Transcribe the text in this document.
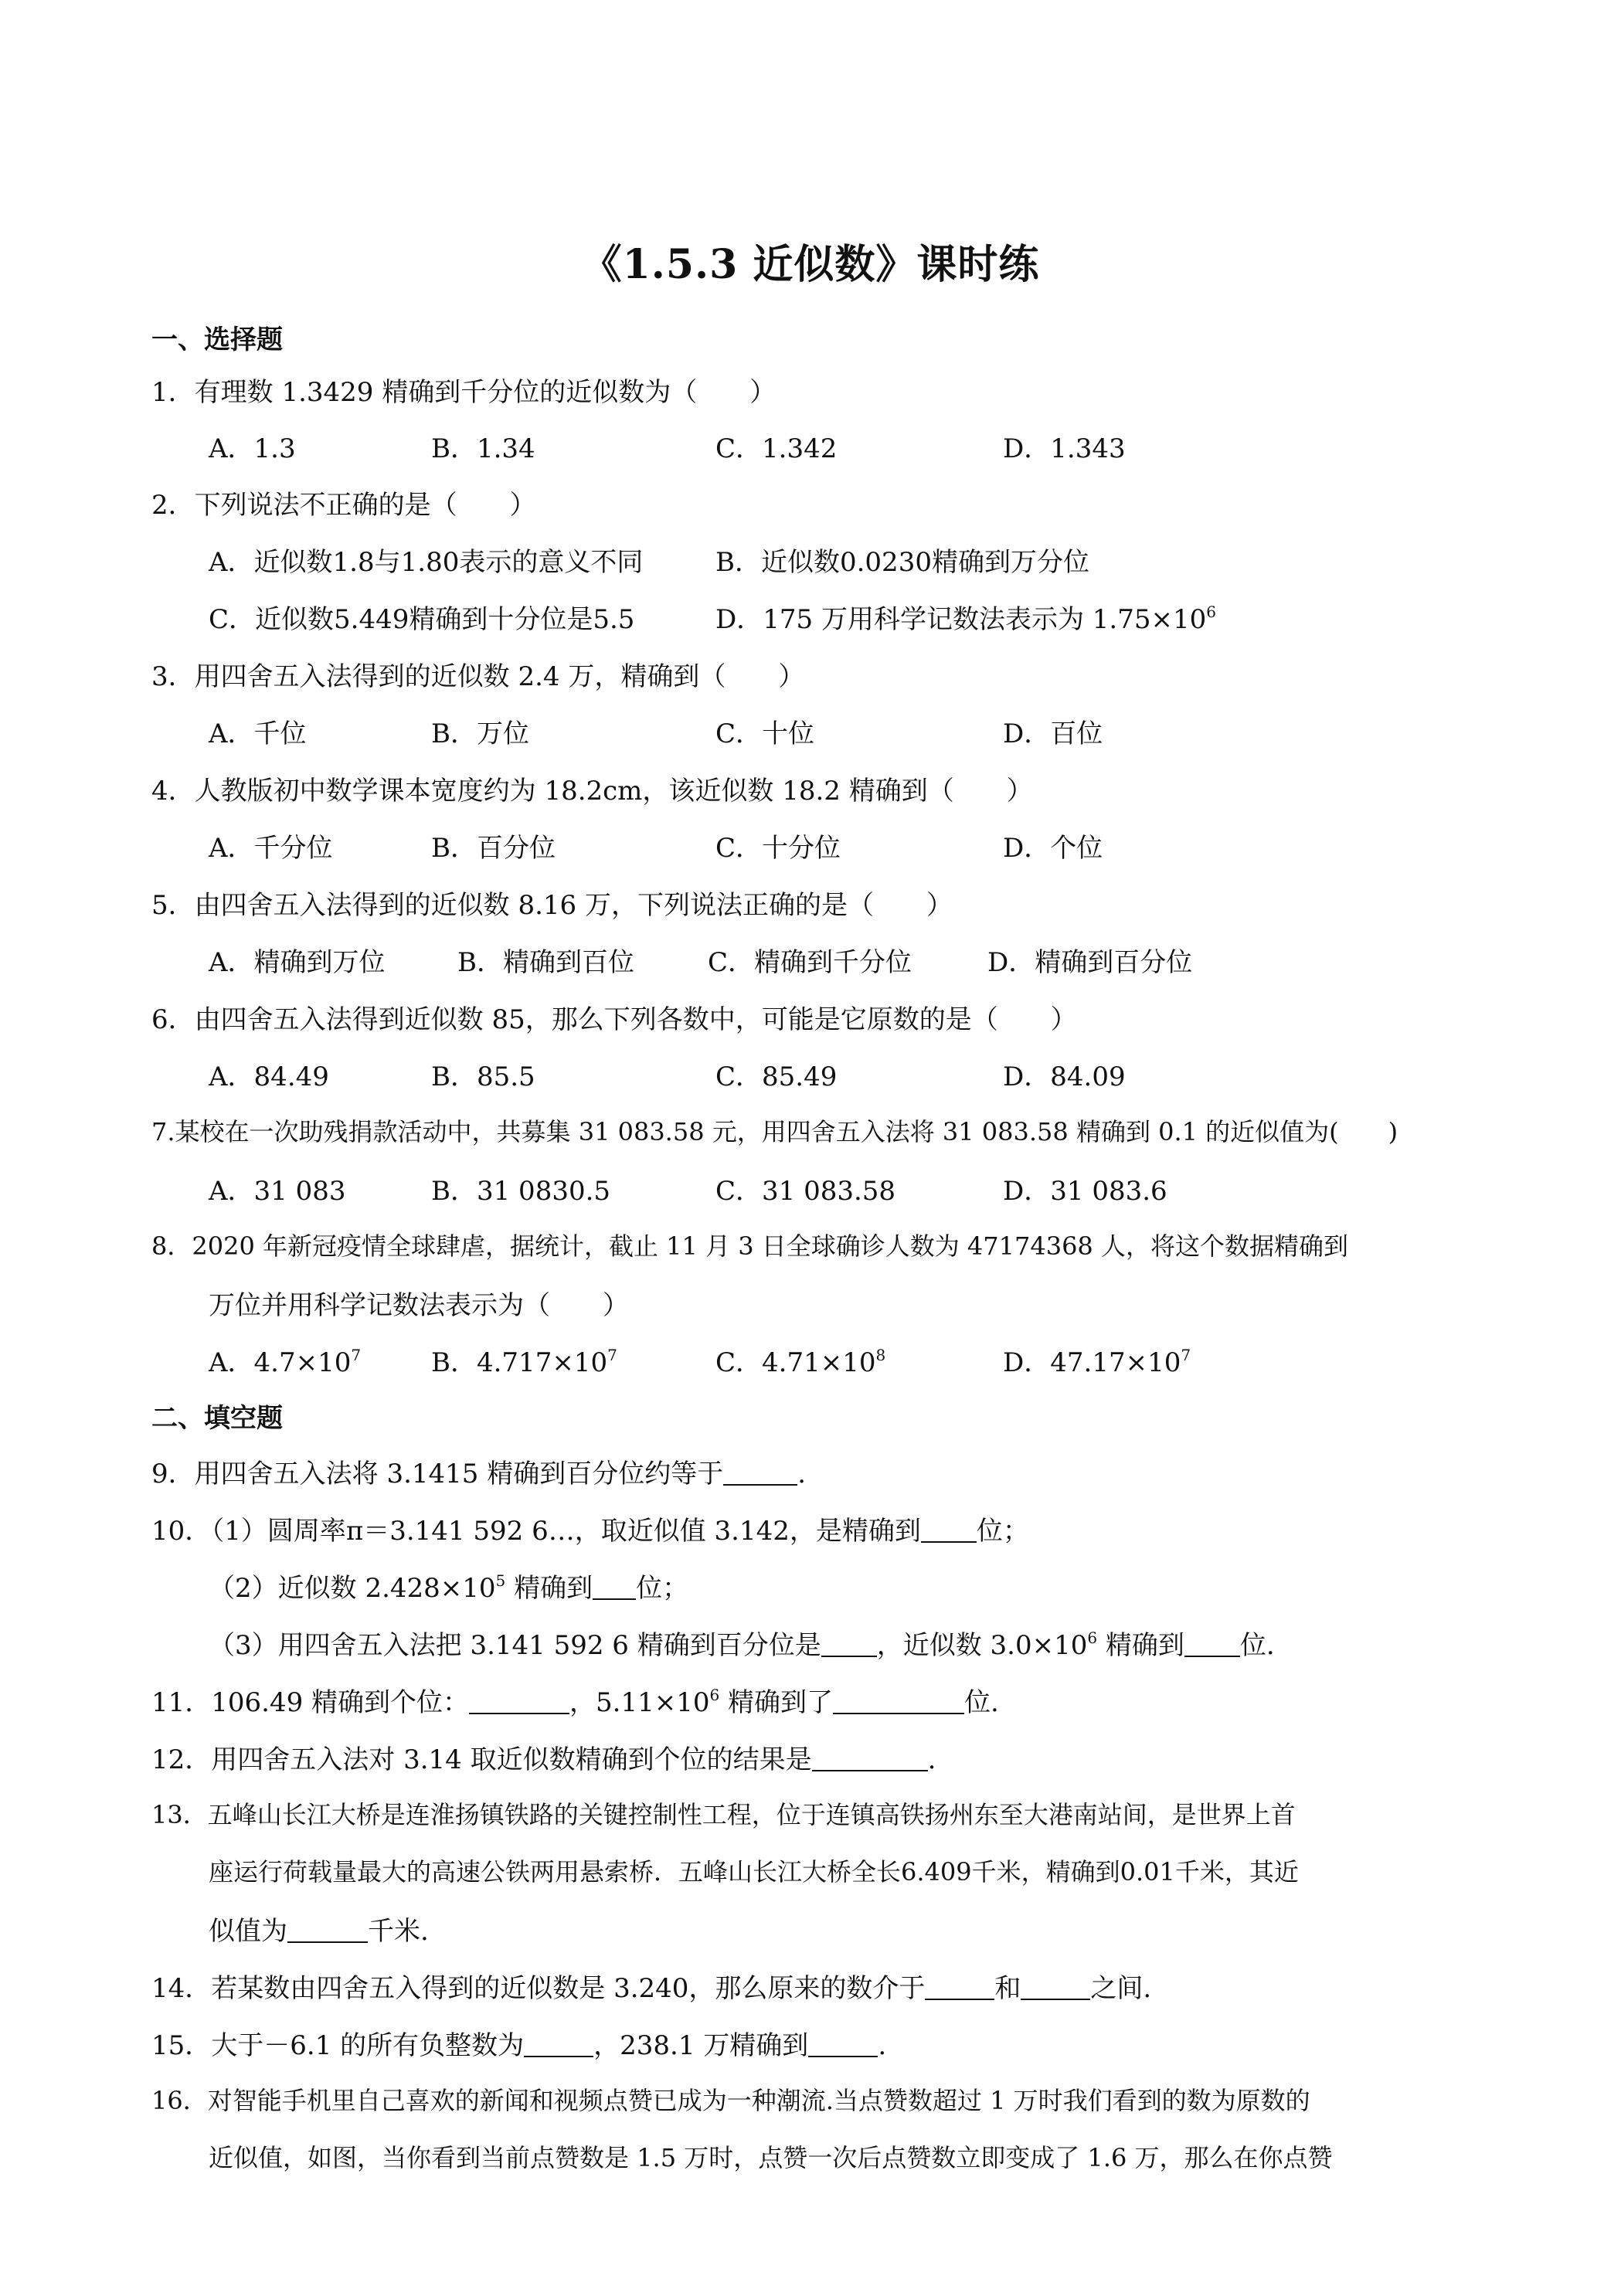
《1.5.3 近似数》课时练
一、选择题
1．有理数 1.3429 精确到千分位的近似数为（　　）
A．1.3	B．1.34	C．1.342	D．1.343
2．下列说法不正确的是（　　）
A．近似数1.8与1.80表示的意义不同	B．近似数0.0230精确到万分位
C．近似数5.449精确到十分位是5.5	D．175 万用科学记数法表示为 $1.75\times 10^6$
3．用四舍五入法得到的近似数 2.4 万，精确到（　　）
A．千位	B．万位	C．十位	D．百位
4．人教版初中数学课本宽度约为 18.2cm，该近似数 18.2 精确到（　　）
A．千分位	B．百分位	C．十分位	D．个位
5．由四舍五入法得到的近似数 8.16 万，下列说法正确的是（　　）
A．精确到万位	B．精确到百位	C．精确到千分位	D．精确到百分位
6．由四舍五入法得到近似数 85，那么下列各数中，可能是它原数的是（　　）
A．84.49	B．85.5	C．85.49	D．84.09
7.某校在一次助残捐款活动中，共募集 31 083.58 元，用四舍五入法将 31 083.58 精确到 0.1 的近似值为(　　)
A．31 083	B．31 0830.5	C．31 083.58	D．31 083.6
8．2020 年新冠疫情全球肆虐，据统计，截止 11 月 3 日全球确诊人数为 47174368 人，将这个数据精确到
万位并用科学记数法表示为（　　）
A．$4.7\times 10^7$	B．$4.717\times 10^7$	C．$4.71\times 10^8$	D．$47.17\times 10^7$
二、填空题
9．用四舍五入法将 3.1415 精确到百分位约等于	.
10．（1）圆周率π＝3.141 592 6…，取近似值 3.142，是精确到 位；
（2）近似数 $2.428\times 10^5$ 精确到 位；
（3）用四舍五入法把 3.141 592 6 精确到百分位是 ，近似数 $3.0\times 10^6$ 精确到 位.
11．106.49 精确到个位：	，$5.11\times 10^6$ 精确到了	位.
12．用四舍五入法对 3.14 取近似数精确到个位的结果是	.
13．五峰山长江大桥是连淮扬镇铁路的关键控制性工程，位于连镇高铁扬州东至大港南站间，是世界上首
座运行荷载量最大的高速公铁两用悬索桥．五峰山长江大桥全长6.409千米，精确到0.01千米，其近
似值为	千米.
14．若某数由四舍五入得到的近似数是 3.240，那么原来的数介于	和	之间.
15．大于－6.1 的所有负整数为	，238.1 万精确到	.
16．对智能手机里自己喜欢的新闻和视频点赞已成为一种潮流.当点赞数超过 1 万时我们看到的数为原数的
近似值，如图，当你看到当前点赞数是 1.5 万时，点赞一次后点赞数立即变成了 1.6 万，那么在你点赞
